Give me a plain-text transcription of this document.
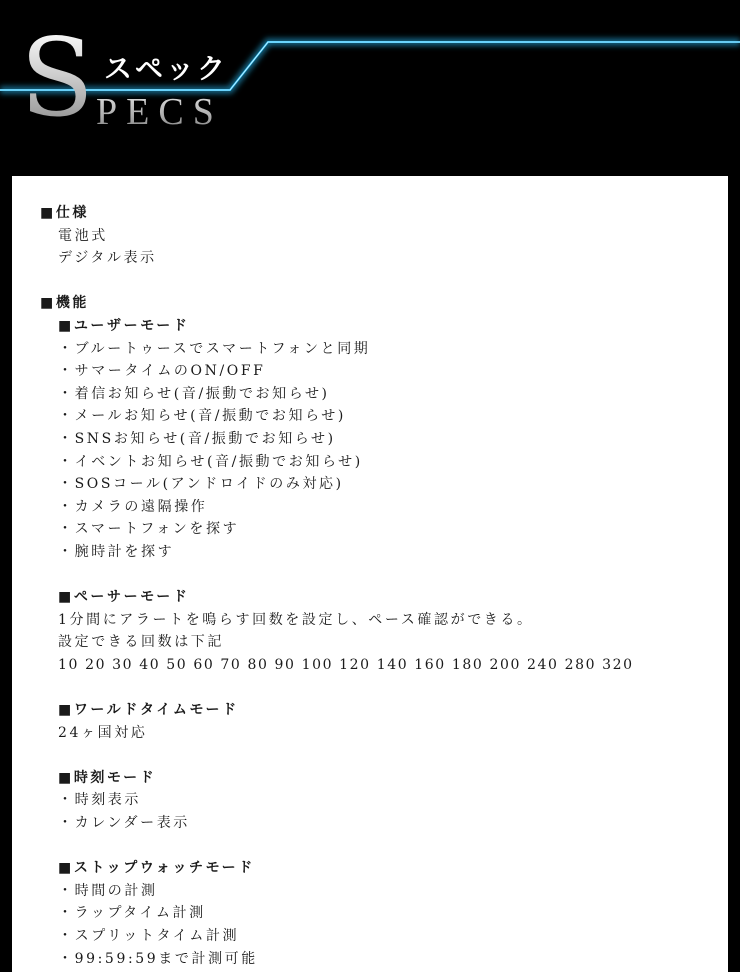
S スペック
PECS
■仕様
電池式
デジタル表示
■機能
■ユーザーモード
・ブルートゥースでスマートフォンと同期
・サマータイムのON/OFF
・着信お知らせ(音/振動でお知らせ)
・メールお知らせ(音/振動でお知らせ)
・SNSお知らせ(音/振動でお知らせ)
・イベントお知らせ(音/振動でお知らせ)
・SOSコール(アンドロイドのみ対応)
・カメラの遠隔操作
・スマートフォンを探す
・腕時計を探す
■ペーサーモード
1分間にアラートを鳴らす回数を設定し、ペース確認ができる。
設定できる回数は下記
10 20 30 40 50 60 70 80 90 100 120 140 160 180 200 240 280 320
■ワールドタイムモード
24ヶ国対応
■時刻モード
・時刻表示
・カレンダー表示
■ストップウォッチモード
・時間の計測
・ラップタイム計測
・スプリットタイム計測
・99:59:59まで計測可能
